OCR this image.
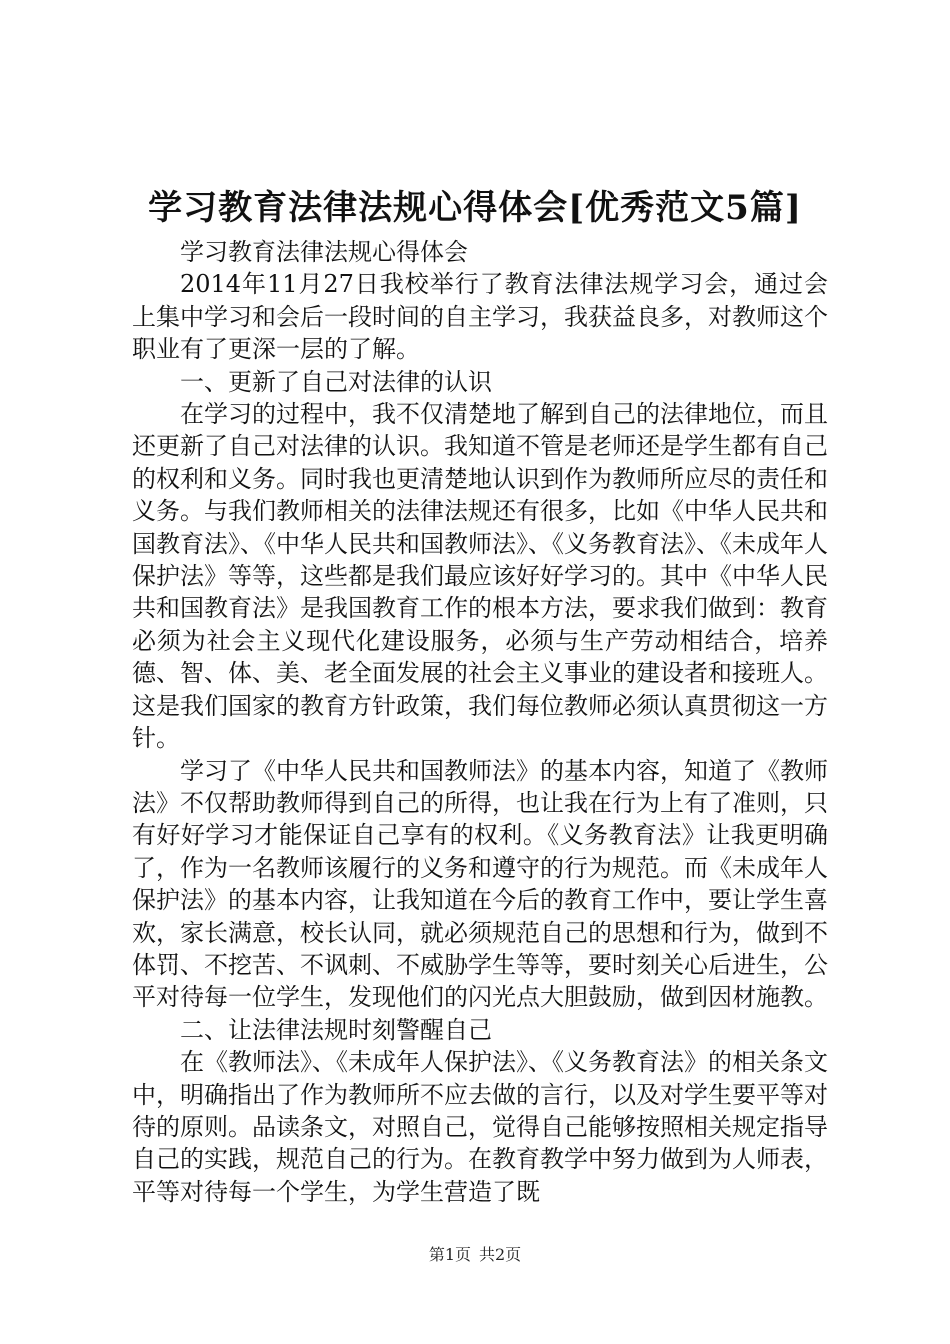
学习教育法律法规心得体会[优秀范文5篇]

学习教育法律法规心得体会

2014年11月27日我校举行了教育法律法规学习会，通过会上集中学习和会后一段时间的自主学习，我获益良多，对教师这个职业有了更深一层的了解。

一、更新了自己对法律的认识

在学习的过程中，我不仅清楚地了解到自己的法律地位，而且还更新了自己对法律的认识。我知道不管是老师还是学生都有自己的权利和义务。同时我也更清楚地认识到作为教师所应尽的责任和义务。与我们教师相关的法律法规还有很多，比如《中华人民共和国教育法》、《中华人民共和国教师法》、《义务教育法》、《未成年人保护法》等等，这些都是我们最应该好好学习的。其中《中华人民共和国教育法》是我国教育工作的根本方法，要求我们做到：教育必须为社会主义现代化建设服务，必须与生产劳动相结合，培养德、智、体、美、老全面发展的社会主义事业的建设者和接班人。这是我们国家的教育方针政策，我们每位教师必须认真贯彻这一方针。

学习了《中华人民共和国教师法》的基本内容，知道了《教师法》不仅帮助教师得到自己的所得，也让我在行为上有了准则，只有好好学习才能保证自己享有的权利。《义务教育法》让我更明确了，作为一名教师该履行的义务和遵守的行为规范。而《未成年人保护法》的基本内容，让我知道在今后的教育工作中，要让学生喜欢，家长满意，校长认同，就必须规范自己的思想和行为，做到不体罚、不挖苦、不讽刺、不威胁学生等等，要时刻关心后进生，公平对待每一位学生，发现他们的闪光点大胆鼓励，做到因材施教。

二、让法律法规时刻警醒自己

在《教师法》、《未成年人保护法》、《义务教育法》的相关条文中，明确指出了作为教师所不应去做的言行，以及对学生要平等对待的原则。品读条文，对照自己，觉得自己能够按照相关规定指导自己的实践，规范自己的行为。在教育教学中努力做到为人师表，平等对待每一个学生，为学生营造了既

第1页 共2页
